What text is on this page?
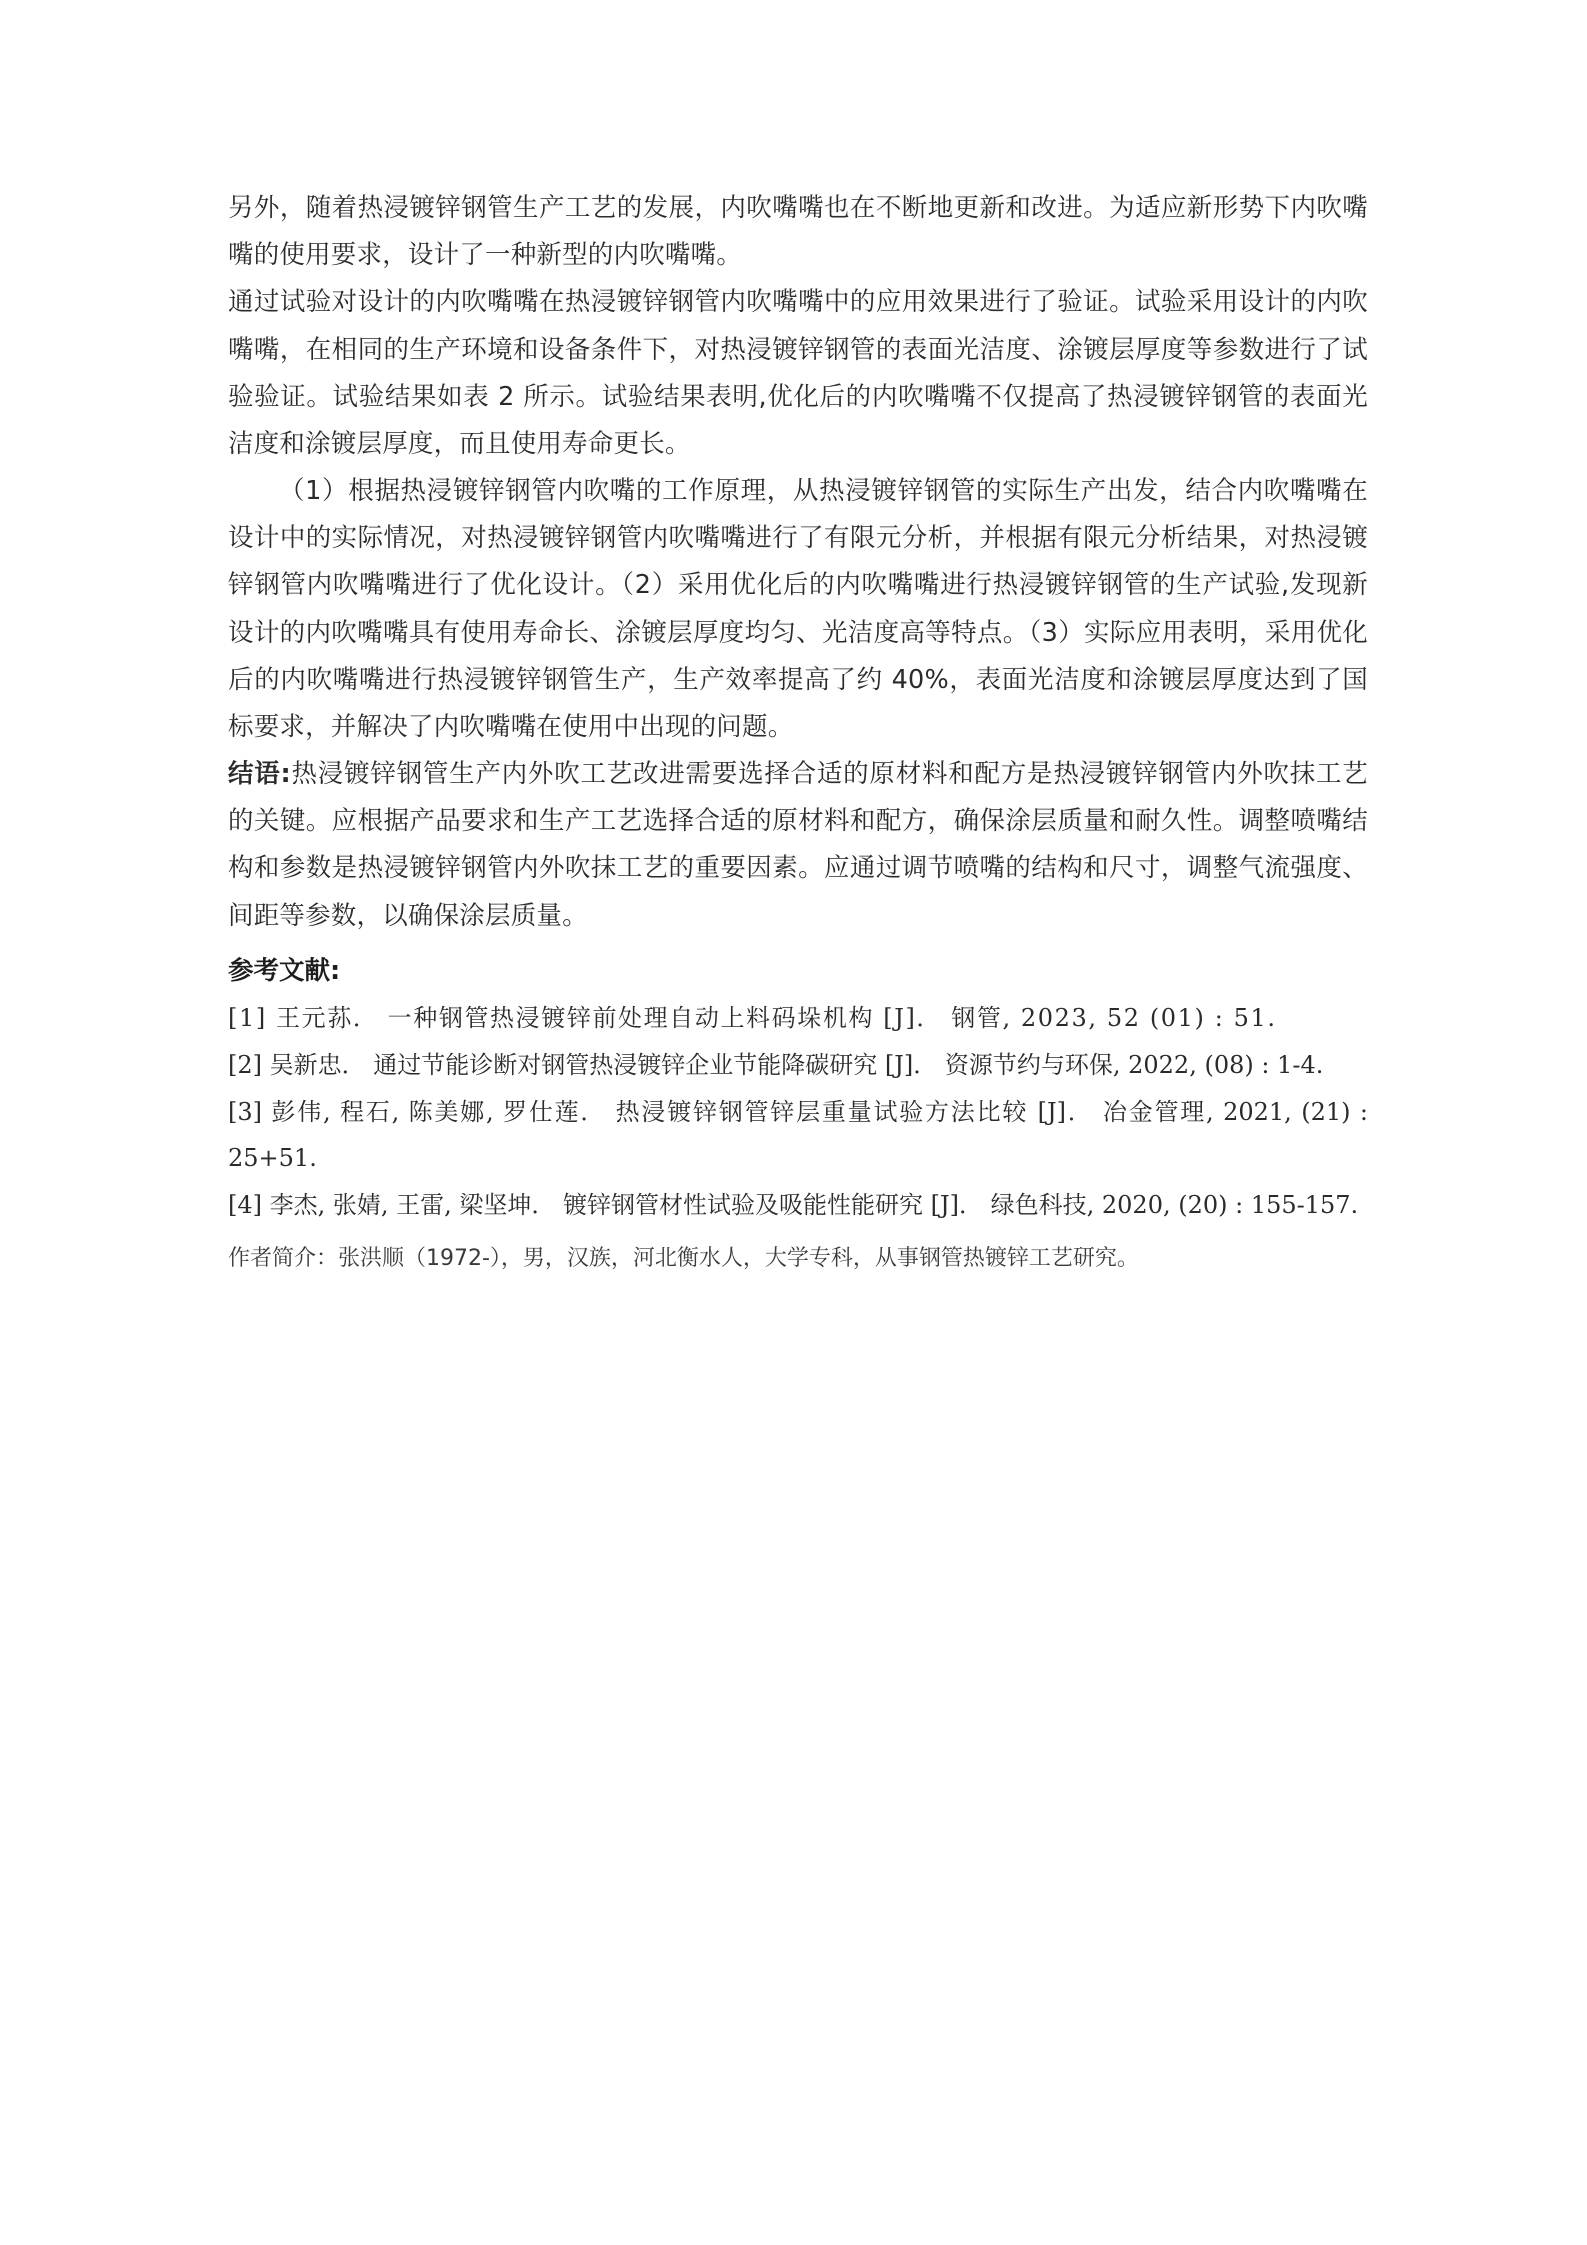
另外，随着热浸镀锌钢管生产工艺的发展，内吹嘴嘴也在不断地更新和改进。为适应新形势下内吹嘴嘴的使用要求，设计了一种新型的内吹嘴嘴。

通过试验对设计的内吹嘴嘴在热浸镀锌钢管内吹嘴嘴中的应用效果进行了验证。试验采用设计的内吹嘴嘴，在相同的生产环境和设备条件下，对热浸镀锌钢管的表面光洁度、涂镀层厚度等参数进行了试验验证。试验结果如表 2 所示。试验结果表明,优化后的内吹嘴嘴不仅提高了热浸镀锌钢管的表面光洁度和涂镀层厚度，而且使用寿命更长。

（1）根据热浸镀锌钢管内吹嘴的工作原理，从热浸镀锌钢管的实际生产出发，结合内吹嘴嘴在设计中的实际情况，对热浸镀锌钢管内吹嘴嘴进行了有限元分析，并根据有限元分析结果，对热浸镀锌钢管内吹嘴嘴进行了优化设计。（2）采用优化后的内吹嘴嘴进行热浸镀锌钢管的生产试验,发现新设计的内吹嘴嘴具有使用寿命长、涂镀层厚度均匀、光洁度高等特点。（3）实际应用表明，采用优化后的内吹嘴嘴进行热浸镀锌钢管生产，生产效率提高了约 40%，表面光洁度和涂镀层厚度达到了国标要求，并解决了内吹嘴嘴在使用中出现的问题。

结语:热浸镀锌钢管生产内外吹工艺改进需要选择合适的原材料和配方是热浸镀锌钢管内外吹抹工艺的关键。应根据产品要求和生产工艺选择合适的原材料和配方，确保涂层质量和耐久性。调整喷嘴结构和参数是热浸镀锌钢管内外吹抹工艺的重要因素。应通过调节喷嘴的结构和尺寸，调整气流强度、间距等参数，以确保涂层质量。

参考文献:

[1] 王元荪． 一种钢管热浸镀锌前处理自动上料码垛机构 [J]． 钢管, 2023, 52 (01) : 51.

[2] 吴新忠． 通过节能诊断对钢管热浸镀锌企业节能降碳研究 [J]． 资源节约与环保, 2022, (08) : 1-4.

[3] 彭伟, 程石, 陈美娜, 罗仕莲． 热浸镀锌钢管锌层重量试验方法比较 [J]． 冶金管理, 2021, (21) : 25+51.

[4] 李杰, 张婧, 王雷, 梁坚坤． 镀锌钢管材性试验及吸能性能研究 [J]． 绿色科技, 2020, (20) : 155-157.

作者简介：张洪顺（1972-），男，汉族，河北衡水人，大学专科，从事钢管热镀锌工艺研究。
